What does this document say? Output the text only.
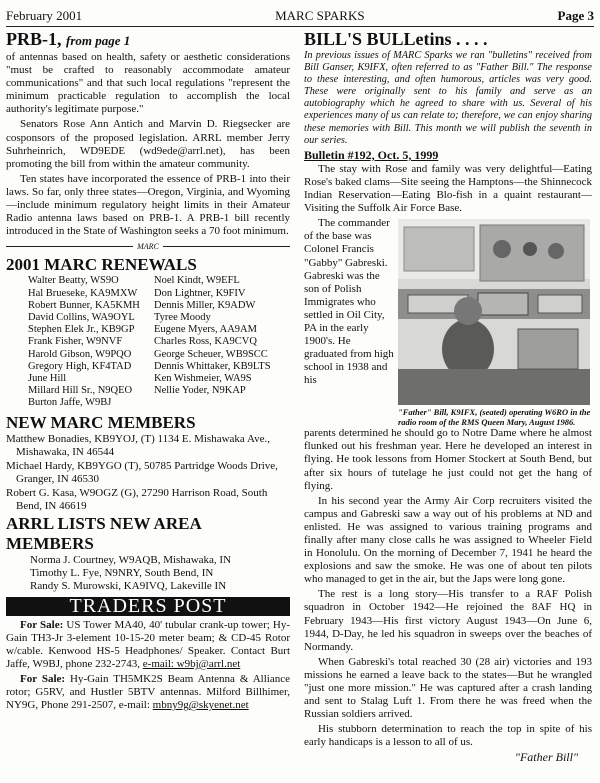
February 2001	MARC SPARKS	Page 3
PRB-1, from page 1

of antennas based on health, safety or aesthetic considerations "must be crafted to reasonably accommodate amateur communications" and that such local regulations "represent the minimum practicable regulation to accomplish the local authority's legitimate purpose."

Senators Rose Ann Antich and Marvin D. Riegsecker are cosponsors of the proposed legislation. ARRL member Jerry Suhrheinrich, WD9EDE (wd9ede@arrl.net), has been promoting the bill from within the amateur community.

Ten states have incorporated the essence of PRB-1 into their laws. So far, only three states—Oregon, Virginia, and Wyoming—include minimum regulatory height limits in their Amateur Radio antenna laws based on PRB-1. A PRB-1 bill recently introduced in the State of Washington seeks a 70 foot minimum.

MARC
2001 MARC RENEWALS
Walter Beatty, WS9O
Hal Brueseke, KA9MXW
Robert Bunner, KA5KMH
David Collins, WA9OYL
Stephen Elek Jr., KB9GP
Frank Fisher, W9NVF
Harold Gibson, W9PQO
Gregory High, KF4TAD
June Hill
Millard Hill Sr., N9QEO
Burton Jaffe, W9BJ
Noel Kindt, W9EFL
Don Lightner, K9FIV
Dennis Miller, K9ADW
Tyree Moody
Eugene Myers, AA9AM
Charles Ross, KA9CVQ
George Scheuer, WB9SCC
Dennis Whittaker, KB9LTS
Ken Wishmeier, WA9S
Nellie Yoder, N9KAP
NEW MARC MEMBERS
Matthew Bonadies, KB9YOJ, (T) 1134 E. Mishawaka Ave., Mishawaka, IN 46544
Michael Hardy, KB9YGO (T), 50785 Partridge Woods Drive, Granger, IN 46530
Robert G. Kasa, W9OGZ (G), 27290 Harrison Road, South Bend, IN 46619
ARRL LISTS NEW AREA MEMBERS
Norma J. Courtney, W9AQB, Mishawaka, IN
Timothy L. Fye, N9NRY, South Bend, IN
Randy S. Murowski, KA9IVQ, Lakeville IN
TRADERS POST

For Sale: US Tower MA40, 40' tubular crank-up tower; Hy-Gain TH3-Jr 3-element 10-15-20 meter beam; & CD-45 Rotor w/cable. Kenwood HS-5 Headphones/ Speaker. Contact Burt Jaffe, W9BJ, phone 232-2743, e-mail: w9bj@arrl.net

For Sale: Hy-Gain TH5MK2S Beam Antenna & Alliance rotor; G5RV, and Hustler 5BTV antennas. Milford Billhimer, NY9G, Phone 291-2507, e-mail: mbny9g@skyenet.net

BILL'S BULLetins . . . .
In previous issues of MARC Sparks we ran "bulletins" received from Bill Ganser, K9IFX, often referred to as "Father Bill." The response to these interesting, and often humorous, articles was very good. These were originally sent to his family and serve as an autobiography which he agreed to share with us. Several of his experiences many of us can relate to; therefore, we can enjoy sharing these memories with Bill. This month we will publish the seventh in our series.
Bulletin #192, Oct. 5, 1999

The stay with Rose and family was very delightful—Eating Rose's baked clams—Site seeing the Hamptons—the Shinnecock Indian Reservation—Eating Blo-fish in a quaint restaurant—Visiting the Suffolk Air Force Base.

The commander of the base was Colonel Francis "Gabby" Gabreski. Gabreski was the son of Polish Immigrates who settled in Oil City, PA in the early 1900's. He graduated from high school in 1938 and his

"Father" Bill, K9IFX, (seated) operating W6RO in the radio room of the RMS Queen Mary, August 1986.

parents determined he should go to Notre Dame where he almost flunked out his freshman year. Here he developed an interest in flying. He took lessons from Homer Stockert at South Bend, but after six hours of tutelage he just could not get the hang of flying.

In his second year the Army Air Corp recruiters visited the campus and Gabreski saw a way out of his problems at ND and enlisted. He was assigned to various training programs and finally after many close calls he was assigned to Wheeler Field in Honolulu. On the morning of December 7, 1941 he heard the explosions and saw the smoke. He was one of about ten pilots who managed to get in the air, but the Japs were long gone.

The rest is a long story—His transfer to a RAF Polish squadron in October 1942—He rejoined the 8AF HQ in February 1943—His first victory August 1943—On June 6, 1944, D-Day, he led his squadron in sweeps over the beaches of Normandy.

When Gabreski's total reached 30 (28 air) victories and 193 missions he earned a leave back to the states—But he wrangled "just one more mission." He was captured after a crash landing and sent to Stalag Luft 1. From there he was freed when the Russian soldiers arrived.

His stubborn determination to reach the top in spite of his early handicaps is a lesson to all of us.

"Father Bill"
